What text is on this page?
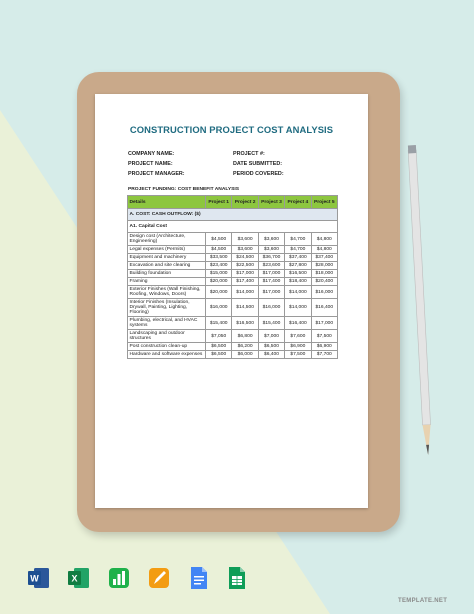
CONSTRUCTION PROJECT COST ANALYSIS
COMPANY NAME:
PROJECT NAME:
PROJECT MANAGER:
PROJECT #:
DATE SUBMITTED:
PERIOD COVERED:
PROJECT FUNDING: COST BENEFIT ANALYSIS
Details	Project 1	Project 2	Project 3	Project 4	Project 5
A. COST: CASH OUTFLOW: ($)					
A1. Capital Cost					
Design cost (Architecture, Engineering)	$4,500	$3,600	$3,600	$4,700	$4,800
Legal expenses (Permits)	$4,500	$3,600	$3,600	$4,700	$4,800
Equipment and machinery	$33,500	$24,500	$36,700	$37,400	$37,400
Excavation and site clearing	$23,400	$22,500	$23,600	$27,800	$28,000
Building foundation	$15,000	$17,000	$17,000	$16,500	$18,000
Framing	$20,000	$17,400	$17,400	$18,400	$20,400
Exterior Finishes (Wall Finishing, Roofing, Windows, Doors)	$20,000	$14,000	$17,000	$14,000	$16,000
Interior Finishes (Insulation, Drywall, Painting, Lighting, Flooring)	$16,000	$14,500	$16,000	$14,000	$16,400
Plumbing, electrical, and HVAC systems	$15,400	$16,500	$15,400	$16,400	$17,000
Landscaping and outdoor structures	$7,050	$6,800	$7,000	$7,600	$7,500
Post construction clean-up	$6,500	$6,200	$6,500	$6,900	$6,900
Hardware and software expenses	$6,500	$6,000	$6,400	$7,500	$7,700
W	X
TEMPLATE.NET
